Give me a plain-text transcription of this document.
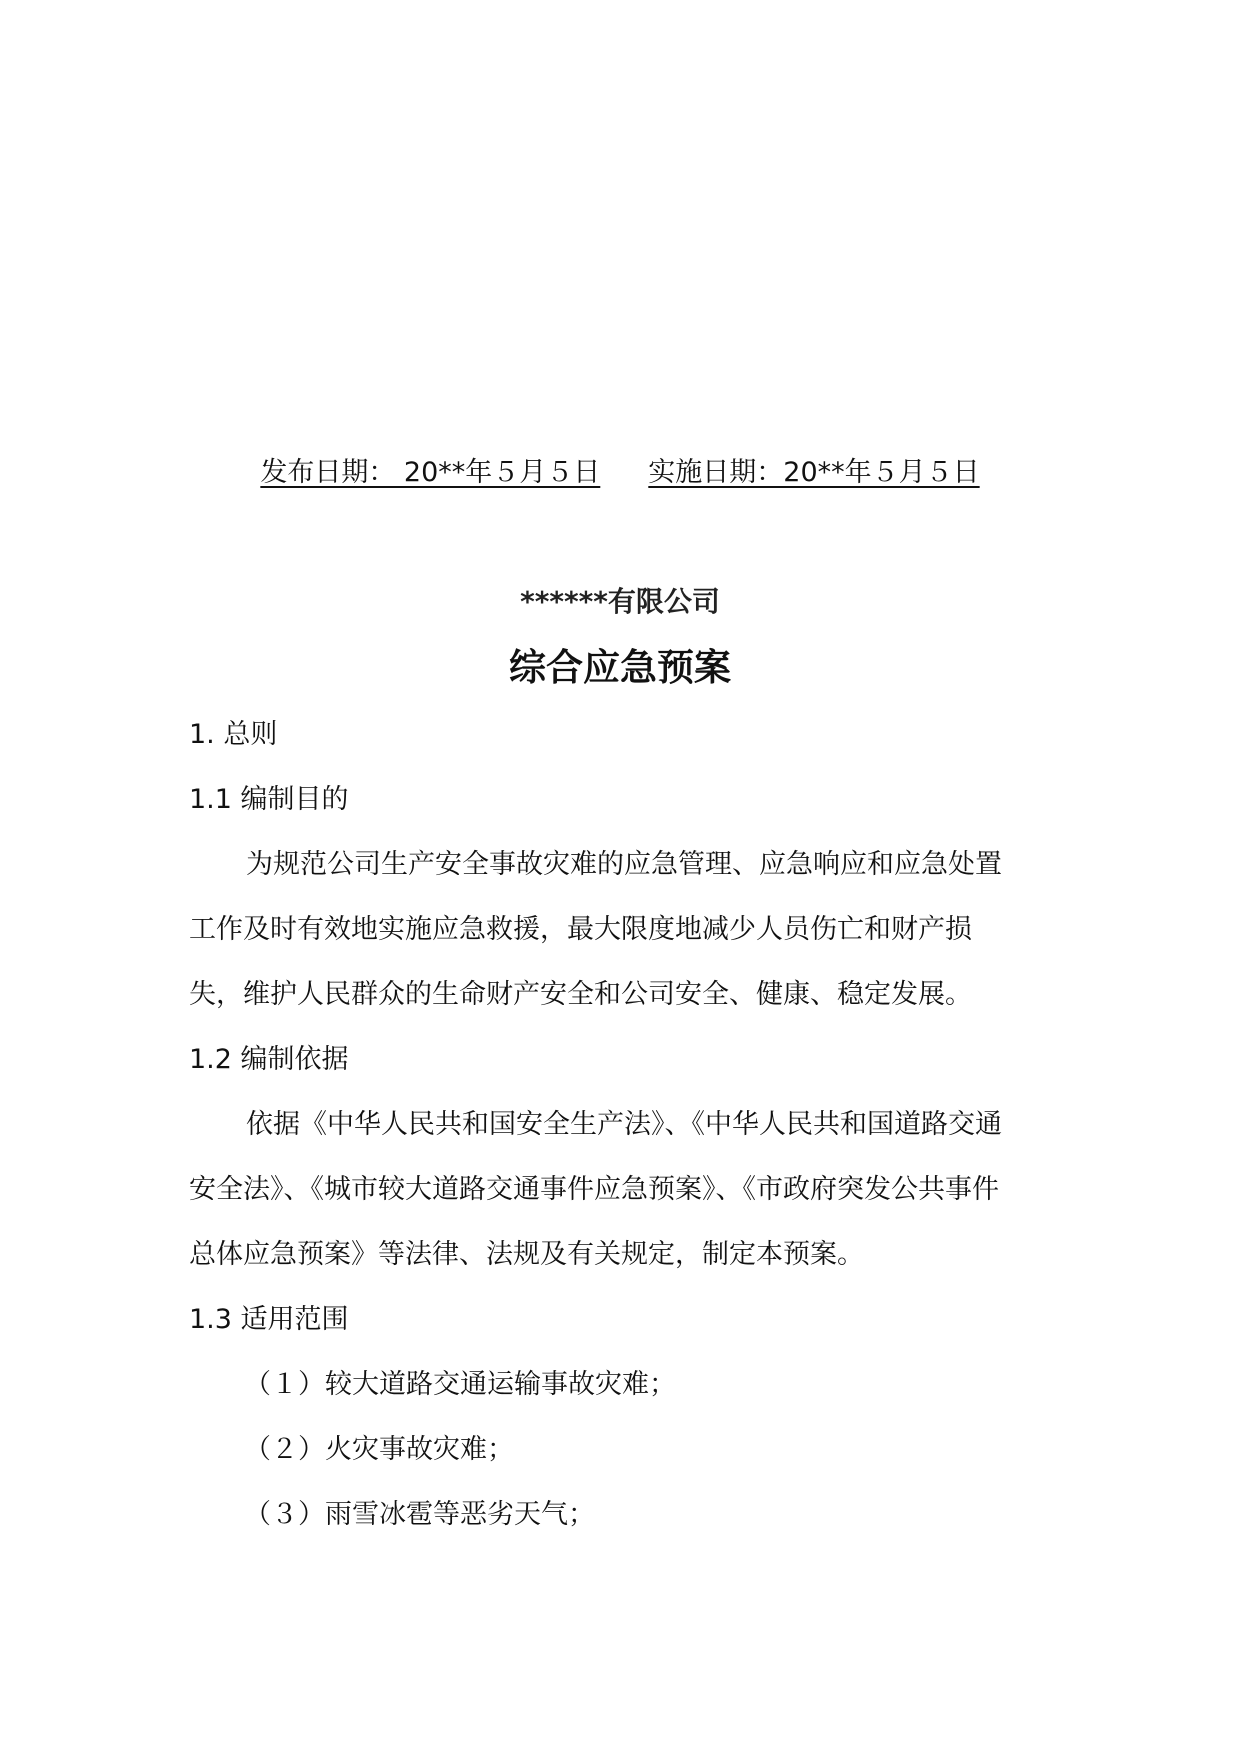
发布日期： 20**年５月５日 实施日期：20**年５月５日
******有限公司
综合应急预案
1. 总则
1.1 编制目的
为规范公司生产安全事故灾难的应急管理、应急响应和应急处置
工作及时有效地实施应急救援，最大限度地减少人员伤亡和财产损
失，维护人民群众的生命财产安全和公司安全、健康、稳定发展。
1.2 编制依据
依据《中华人民共和国安全生产法》、《中华人民共和国道路交通
安全法》、《城市较大道路交通事件应急预案》、《市政府突发公共事件
总体应急预案》等法律、法规及有关规定，制定本预案。
1.3 适用范围
（１）较大道路交通运输事故灾难；
（２）火灾事故灾难；
（３）雨雪冰雹等恶劣天气；
